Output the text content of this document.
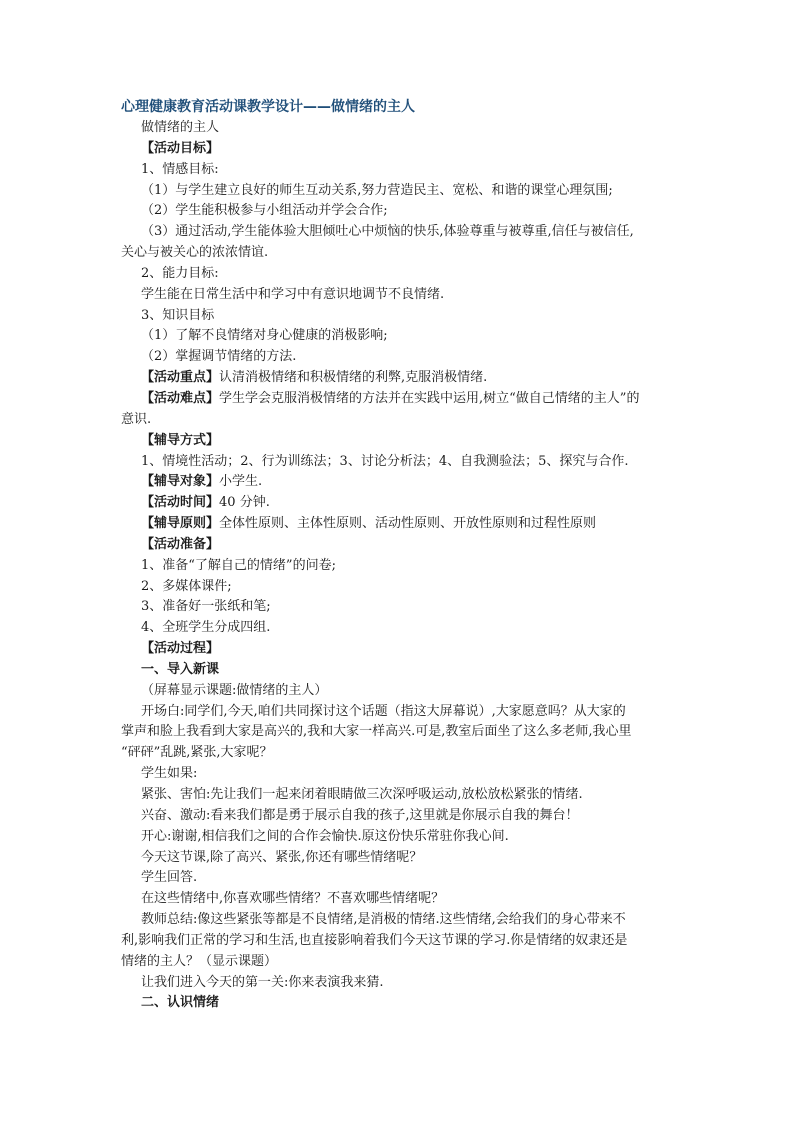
心理健康教育活动课教学设计——做情绪的主人

做情绪的主人

【活动目标】

1、情感目标:

（1）与学生建立良好的师生互动关系,努力营造民主、宽松、和谐的课堂心理氛围;

（2）学生能积极参与小组活动并学会合作;

（3）通过活动,学生能体验大胆倾吐心中烦恼的快乐,体验尊重与被尊重,信任与被信任,

关心与被关心的浓浓情谊.

2、能力目标:

学生能在日常生活中和学习中有意识地调节不良情绪.

3、知识目标

（1）了解不良情绪对身心健康的消极影响;

（2）掌握调节情绪的方法.

【活动重点】认清消极情绪和积极情绪的利弊,克服消极情绪.

【活动难点】学生学会克服消极情绪的方法并在实践中运用,树立“做自己情绪的主人”的

意识.

【辅导方式】

1、情境性活动；2、行为训练法；3、讨论分析法；4、自我测验法；5、探究与合作.

【辅导对象】小学生.

【活动时间】40 分钟.

【辅导原则】全体性原则、主体性原则、活动性原则、开放性原则和过程性原则

【活动准备】

1、准备“了解自己的情绪”的问卷;

2、多媒体课件;

3、准备好一张纸和笔;

4、全班学生分成四组.

【活动过程】

一、导入新课

（屏幕显示课题:做情绪的主人）

开场白:同学们,今天,咱们共同探讨这个话题（指这大屏幕说）,大家愿意吗？从大家的

掌声和脸上我看到大家是高兴的,我和大家一样高兴.可是,教室后面坐了这么多老师,我心里

“砰砰”乱跳,紧张,大家呢？

学生如果:

紧张、害怕:先让我们一起来闭着眼睛做三次深呼吸运动,放松放松紧张的情绪.

兴奋、激动:看来我们都是勇于展示自我的孩子,这里就是你展示自我的舞台！

开心:谢谢,相信我们之间的合作会愉快.原这份快乐常驻你我心间.

今天这节课,除了高兴、紧张,你还有哪些情绪呢？

学生回答.

在这些情绪中,你喜欢哪些情绪？不喜欢哪些情绪呢？

教师总结:像这些紧张等都是不良情绪,是消极的情绪.这些情绪,会给我们的身心带来不

利,影响我们正常的学习和生活,也直接影响着我们今天这节课的学习.你是情绪的奴隶还是

情绪的主人？（显示课题）

让我们进入今天的第一关:你来表演我来猜.

二、认识情绪
